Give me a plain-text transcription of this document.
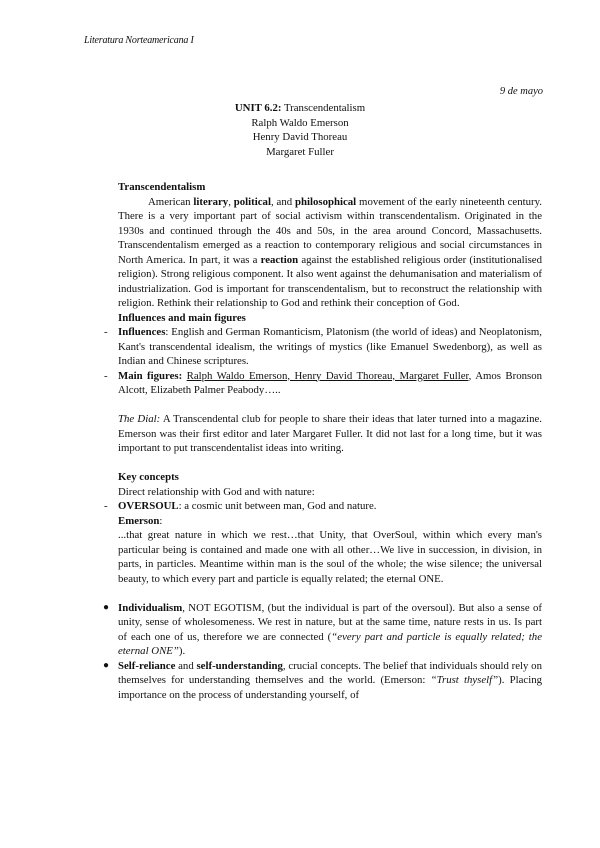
Literatura Norteamericana I
9 de mayo
UNIT 6.2: Transcendentalism
Ralph Waldo Emerson
Henry David Thoreau
Margaret Fuller

Transcendentalism

American literary, political, and philosophical movement of the early nineteenth century. There is a very important part of social activism within transcendentalism. Originated in the 1930s and continued through the 40s and 50s, in the area around Concord, Massachusetts. Transcendentalism emerged as a reaction to contemporary religious and social circumstances in North America. In part, it was a reaction against the established religious order (institutionalised religion). Strong religious component. It also went against the dehumanisation and materialism of industrialization. God is important for transcendentalism, but to reconstruct the relationship with religion. Rethink their relationship to God and rethink their conception of God.

Influences and main figures

- Influences: English and German Romanticism, Platonism (the world of ideas) and Neoplatonism, Kant's transcendental idealism, the writings of mystics (like Emanuel Swedenborg), as well as Indian and Chinese scriptures.

- Main figures: Ralph Waldo Emerson, Henry David Thoreau, Margaret Fuller, Amos Bronson Alcott, Elizabeth Palmer Peabody…..

The Dial: A Transcendental club for people to share their ideas that later turned into a magazine. Emerson was their first editor and later Margaret Fuller. It did not last for a long time, but it was important to put transcendentalist ideas into writing.

Key concepts

Direct relationship with God and with nature:

- OVERSOUL: a cosmic unit between man, God and nature.

Emerson:

...that great nature in which we rest…that Unity, that OverSoul, within which every man's particular being is contained and made one with all other…We live in succession, in division, in parts, in particles. Meantime within man is the soul of the whole; the wise silence; the universal beauty, to which every part and particle is equally related; the eternal ONE.

● Individualism, NOT EGOTISM, (but the individual is part of the oversoul). But also a sense of unity, sense of wholesomeness. We rest in nature, but at the same time, nature rests in us. Is part of each one of us, therefore we are connected (“every part and particle is equally related; the eternal ONE”).

● Self-reliance and self-understanding, crucial concepts. The belief that individuals should rely on themselves for understanding themselves and the world. (Emerson: “Trust thyself”). Placing importance on the process of understanding yourself, of
